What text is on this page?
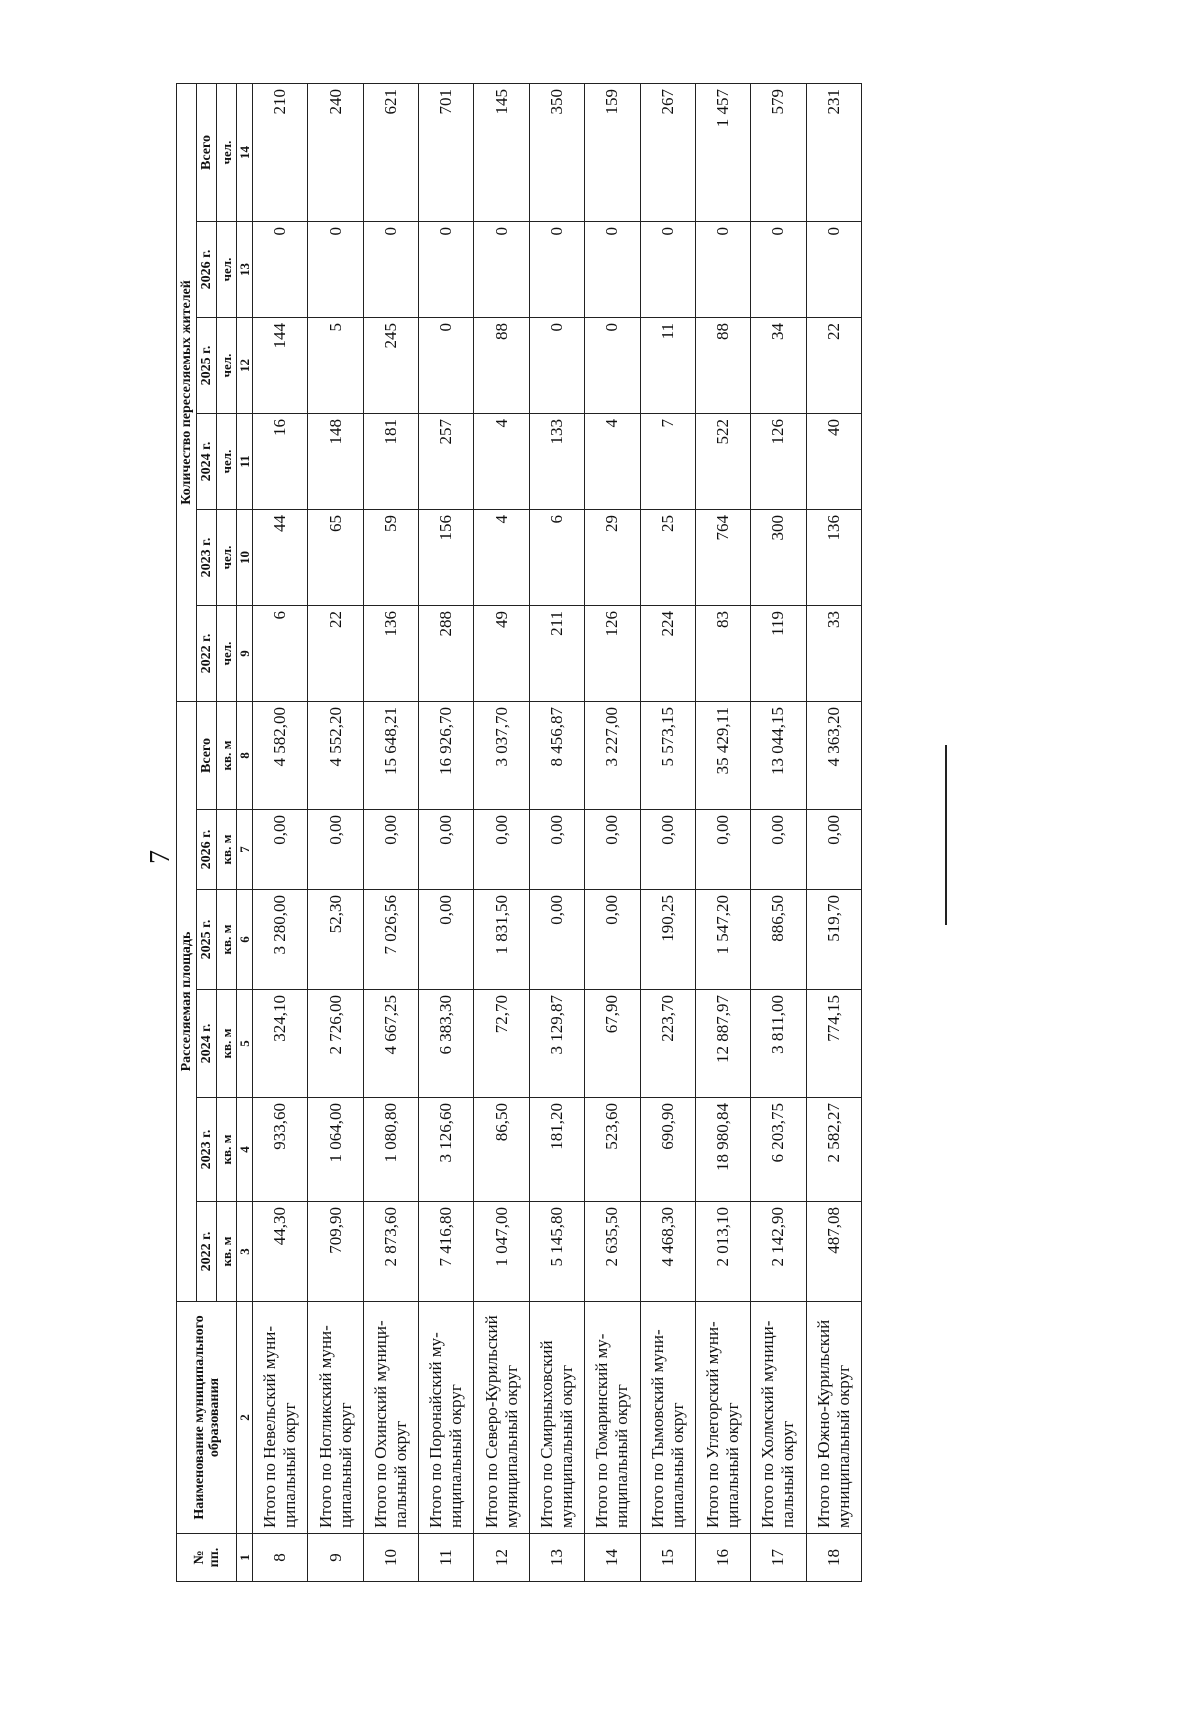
7
№ пп.	Наименование муниципального образования	Расселяемая площадь						Количество переселяемых жителей					
		2022 г.	2023 г.	2024 г.	2025 г.	2026 г.	Всего	2022 г.	2023 г.	2024 г.	2025 г.	2026 г.	Всего
		кв. м	кв. м	кв. м	кв. м	кв. м	кв. м	чел.	чел.	чел.	чел.	чел.	чел.
1	2	3	4	5	6	7	8	9	10	11	12	13	14
8	Итого по Невельский муни-ципальный округ	44,30	933,60	324,10	3 280,00	0,00	4 582,00	6	44	16	144	0	210
9	Итого по Ногликский муни-ципальный округ	709,90	1 064,00	2 726,00	52,30	0,00	4 552,20	22	65	148	5	0	240
10	Итого по Охинский муници-пальный округ	2 873,60	1 080,80	4 667,25	7 026,56	0,00	15 648,21	136	59	181	245	0	621
11	Итого по Поронайский му-ниципальный округ	7 416,80	3 126,60	6 383,30	0,00	0,00	16 926,70	288	156	257	0	0	701
12	Итого по Северо-Курильский муниципальный округ	1 047,00	86,50	72,70	1 831,50	0,00	3 037,70	49	4	4	88	0	145
13	Итого по Смирныховский муниципальный округ	5 145,80	181,20	3 129,87	0,00	0,00	8 456,87	211	6	133	0	0	350
14	Итого по Томаринский му-ниципальный округ	2 635,50	523,60	67,90	0,00	0,00	3 227,00	126	29	4	0	0	159
15	Итого по Тымовский муни-ципальный округ	4 468,30	690,90	223,70	190,25	0,00	5 573,15	224	25	7	11	0	267
16	Итого по Углегорский муни-ципальный округ	2 013,10	18 980,84	12 887,97	1 547,20	0,00	35 429,11	83	764	522	88	0	1 457
17	Итого по Холмский муници-пальный округ	2 142,90	6 203,75	3 811,00	886,50	0,00	13 044,15	119	300	126	34	0	579
18	Итого по Южно-Курильский муниципальный округ	487,08	2 582,27	774,15	519,70	0,00	4 363,20	33	136	40	22	0	231
